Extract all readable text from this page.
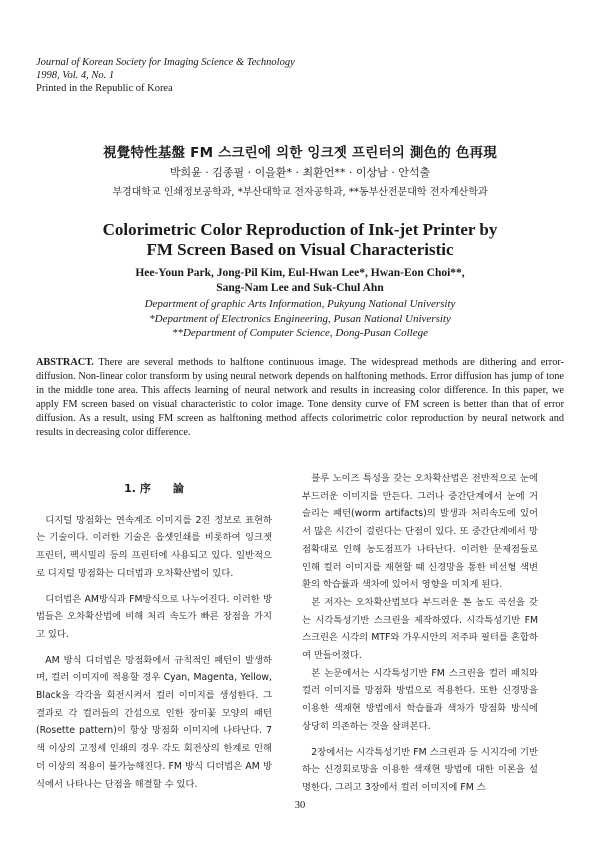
Journal of Korean Society for Imaging Science & Technology
1998, Vol. 4, No. 1
Printed in the Republic of Korea
視覺特性基盤 FM 스크린에 의한 잉크젯 프린터의 測色的 色再現
박희윤 · 김종필 · 이을환* · 최환언** · 이상남 · 안석출
부경대학교 인쇄정보공학과, *부산대학교 전자공학과, **동부산전문대학 전자계산학과
Colorimetric Color Reproduction of Ink-jet Printer by
FM Screen Based on Visual Characteristic
Hee-Youn Park, Jong-Pil Kim, Eul-Hwan Lee*, Hwan-Eon Choi**,
Sang-Nam Lee and Suk-Chul Ahn
Department of graphic Arts Information, Pukyung National University
*Department of Electronics Engineering, Pusan National University
**Department of Computer Science, Dong-Pusan College
ABSTRACT. There are several methods to halftone continuous image. The widespread methods are dithering and error-diffusion. Non-linear color transform by using neural network depends on halftoning methods. Error diffusion has jump of tone in the middle tone area. This affects learning of neural network and results in increasing color difference. In this paper, we apply FM screen based on visual characteristic to color image. Tone density curve of FM screen is better than that of error diffusion. As a result, using FM screen as halftoning method affects colorimetric color reproduction by neural network and results in decreasing color difference.
1. 序　　論

디지털 망점화는 연속계조 이미지를 2진 정보로 표현하는 기술이다. 이러한 기술은 옵셋인쇄를 비롯하여 잉크젯 프린터, 팩시밀리 등의 프린터에 사용되고 있다. 일반적으로 디지털 망점화는 디더법과 오차확산법이 있다.

디더법은 AM방식과 FM방식으로 나누어진다. 이러한 방법들은 오차확산법에 비해 처리 속도가 빠른 장점을 가지고 있다.

AM 방식 디더법은 망점화에서 규칙적인 패턴이 발생하며, 컬러 이미지에 적용할 경우 Cyan, Magenta, Yellow, Black을 각각을 회전시켜서 컬러 이미지를 생성한다. 그 결과로 각 컬러들의 간섭으로 인한 장미꽃 모양의 패턴(Rosette pattern)이 항상 망점화 이미지에 나타난다. 7색 이상의 고정세 인쇄의 경우 각도 회전상의 한계로 인해 더 이상의 적용이 불가능해진다. FM 방식 디더법은 AM 방식에서 나타나는 단점을 해결할 수 있다.

블루 노이즈 특성을 갖는 오차확산법은 전반적으로 눈에 부드러운 이미지를 만든다. 그러나 중간단계에서 눈에 거슬리는 패턴(worm artifacts)의 발생과 처리속도에 있어서 많은 시간이 걸린다는 단점이 있다. 또 중간단계에서 망점확대로 인해 농도점프가 나타난다. 이러한 문제점들로 인해 컬러 이미지를 재현할 때 신경망을 통한 비선형 색변환의 학습률과 색차에 있어서 영향을 미치게 된다.

본 저자는 오차확산법보다 부드러운 톤 농도 곡선을 갖는 시각특성기반 스크린을 제작하였다. 시각특성기반 FM 스크린은 시각의 MTF와 가우시안의 저주파 필터를 혼합하여 만들어졌다.

본 논문에서는 시각특성기반 FM 스크린을 컬러 패치와 컬러 이미지를 망점화 방법으로 적용한다. 또한 신경망을 이용한 색재현 방법에서 학습률과 색차가 망점화 방식에 상당히 의존하는 것을 살펴본다.

2장에서는 시각특성기반 FM 스크린과 등 시지각에 기반하는 신경회로망을 이용한 색재현 방법에 대한 이론을 설명한다. 그리고 3장에서 컬러 이미지에 FM 스

30
